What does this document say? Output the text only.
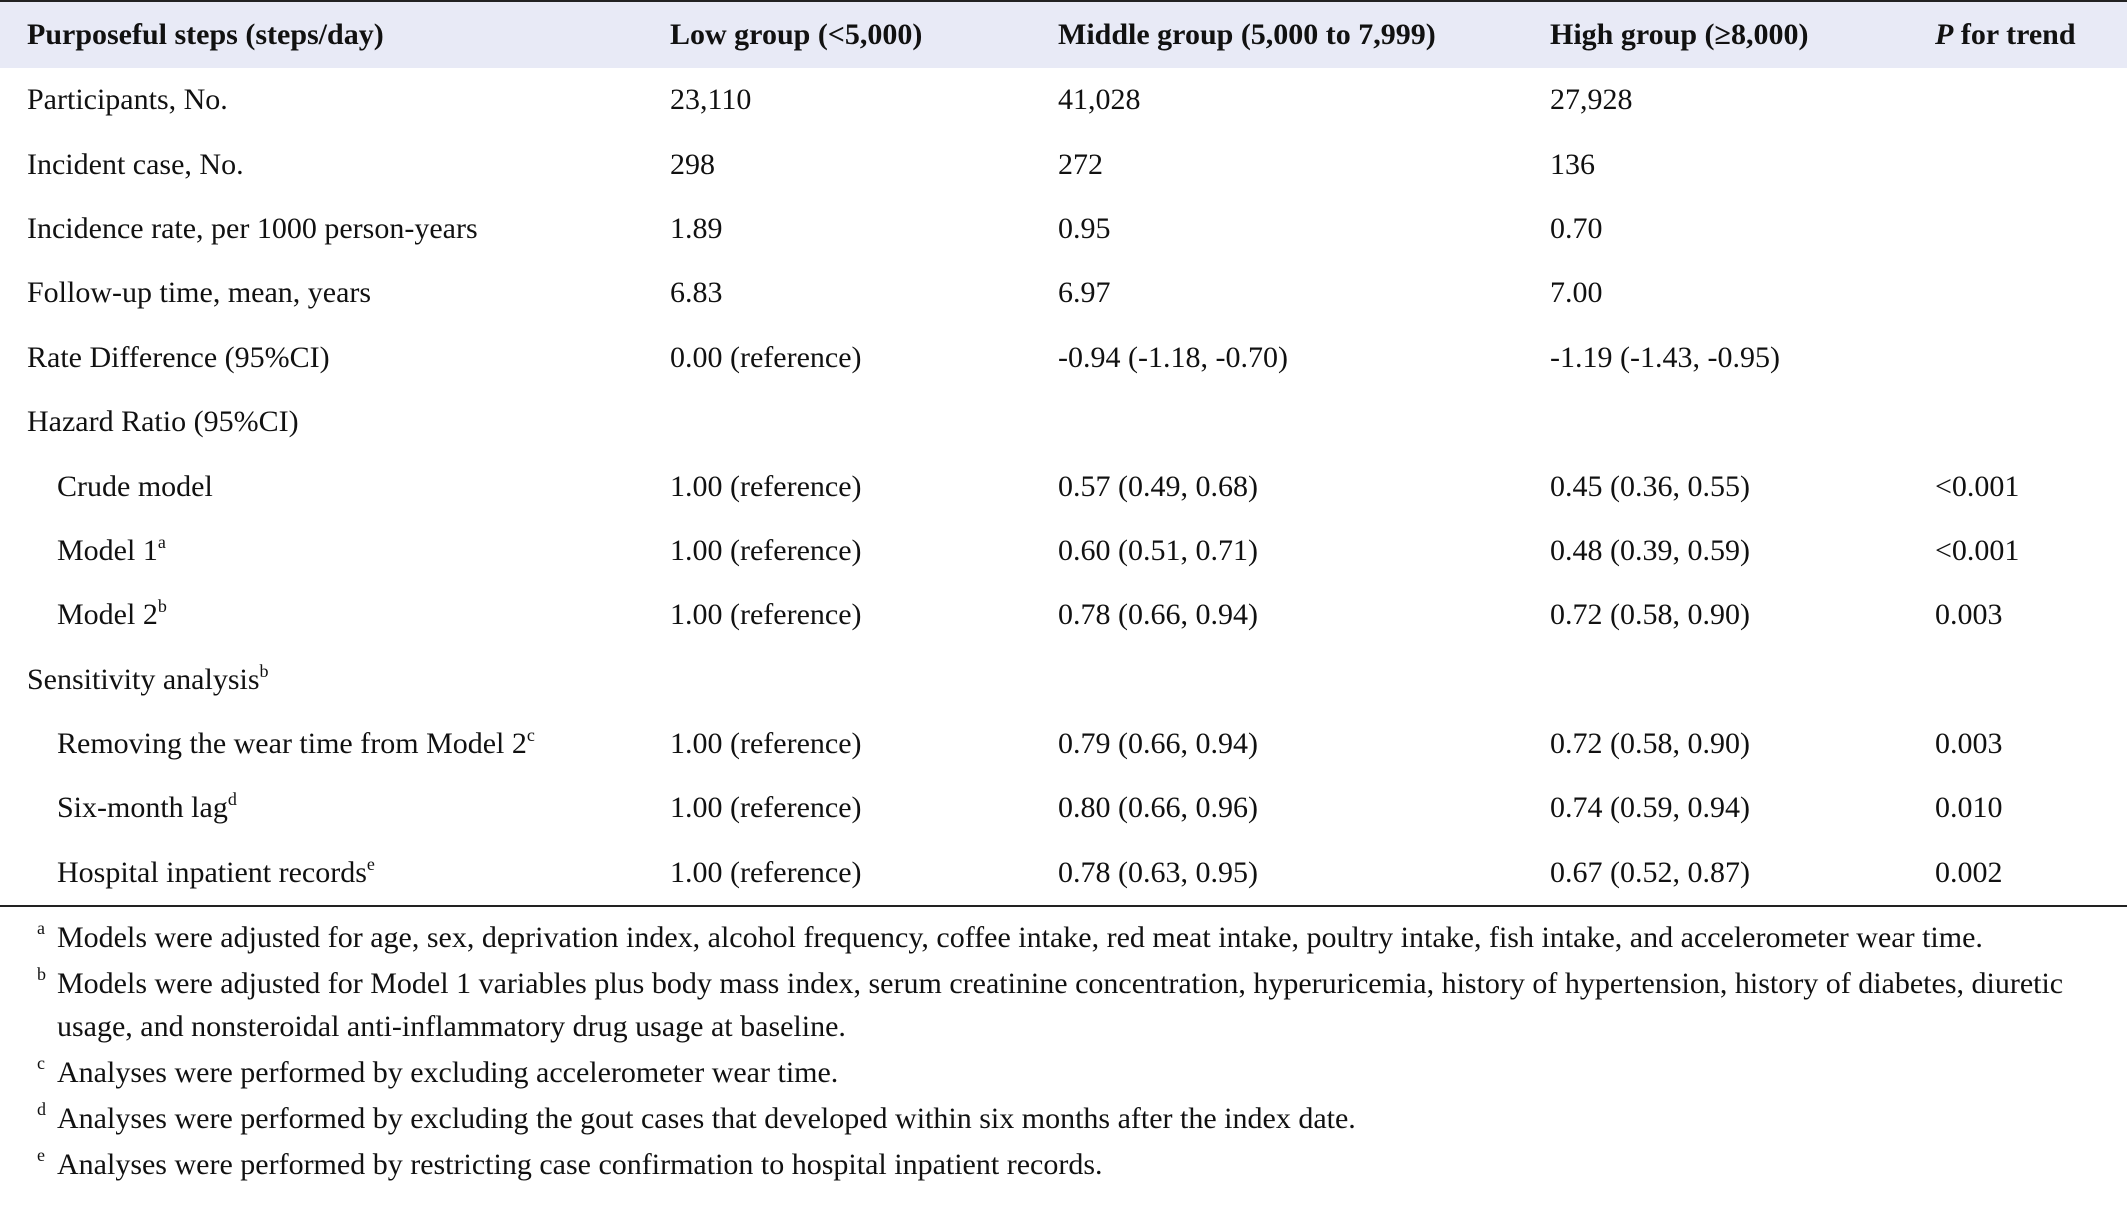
Purposeful steps (steps/day)	Low group (<5,000)	Middle group (5,000 to 7,999)	High group (≥8,000)	P for trend
Participants, No.	23,110	41,028	27,928	
Incident case, No.	298	272	136	
Incidence rate, per 1000 person-years	1.89	0.95	0.70	
Follow-up time, mean, years	6.83	6.97	7.00	
Rate Difference (95%CI)	0.00 (reference)	-0.94 (-1.18, -0.70)	-1.19 (-1.43, -0.95)	
Hazard Ratio (95%CI)				
Crude model	1.00 (reference)	0.57 (0.49, 0.68)	0.45 (0.36, 0.55)	<0.001
Model 1$^a$	1.00 (reference)	0.60 (0.51, 0.71)	0.48 (0.39, 0.59)	<0.001
Model 2$^b$	1.00 (reference)	0.78 (0.66, 0.94)	0.72 (0.58, 0.90)	0.003
Sensitivity analysis$^b$				
Removing the wear time from Model 2$^c$	1.00 (reference)	0.79 (0.66, 0.94)	0.72 (0.58, 0.90)	0.003
Six-month lag$^d$	1.00 (reference)	0.80 (0.66, 0.96)	0.74 (0.59, 0.94)	0.010
Hospital inpatient records$^e$	1.00 (reference)	0.78 (0.63, 0.95)	0.67 (0.52, 0.87)	0.002
a Models were adjusted for age, sex, deprivation index, alcohol frequency, coffee intake, red meat intake, poultry intake, fish intake, and accelerometer wear time.
b Models were adjusted for Model 1 variables plus body mass index, serum creatinine concentration, hyperuricemia, history of hypertension, history of diabetes, diuretic usage, and nonsteroidal anti-inflammatory drug usage at baseline.
c Analyses were performed by excluding accelerometer wear time.
d Analyses were performed by excluding the gout cases that developed within six months after the index date.
e Analyses were performed by restricting case confirmation to hospital inpatient records.
